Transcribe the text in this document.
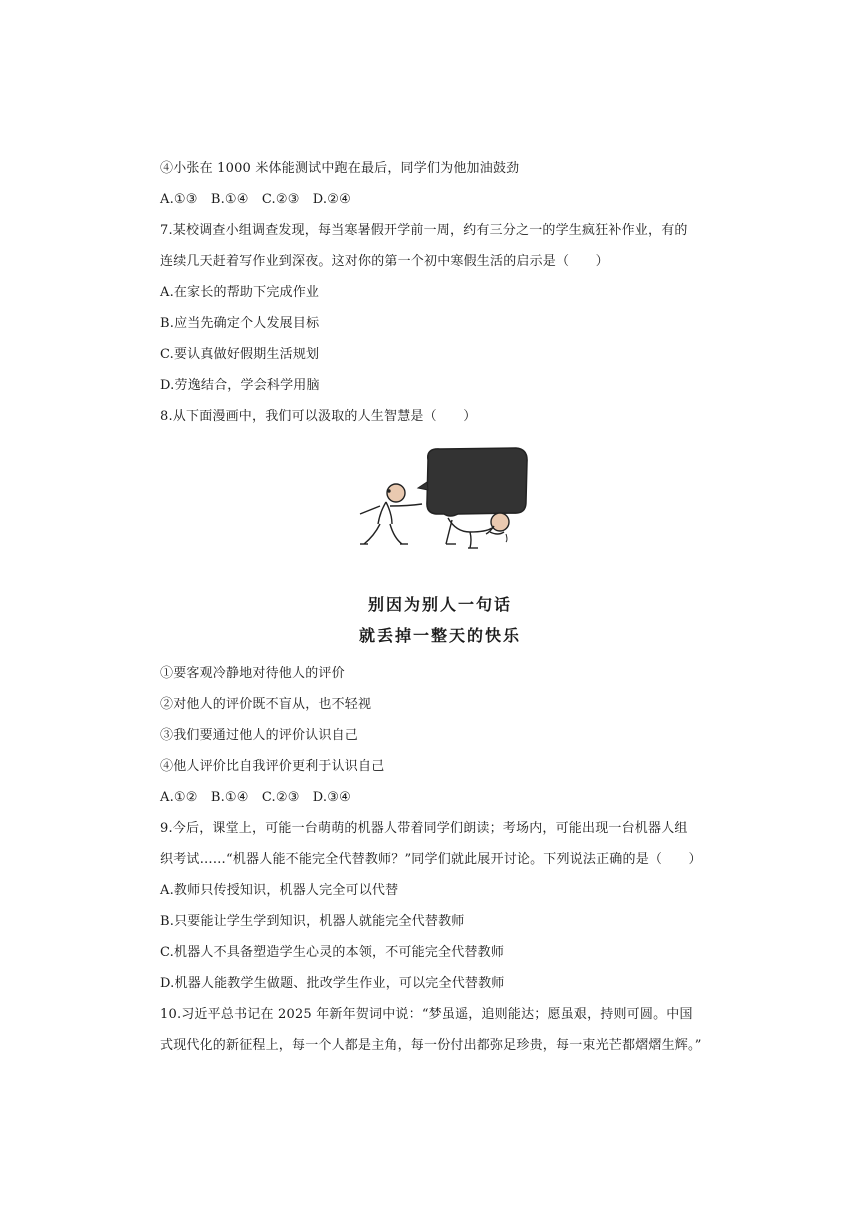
④小张在 1000 米体能测试中跑在最后，同学们为他加油鼓劲
A.①③　B.①④　C.②③　D.②④
7.某校调查小组调查发现，每当寒暑假开学前一周，约有三分之一的学生疯狂补作业，有的
连续几天赶着写作业到深夜。这对你的第一个初中寒假生活的启示是（　　）
A.在家长的帮助下完成作业
B.应当先确定个人发展目标
C.要认真做好假期生活规划
D.劳逸结合，学会科学用脑
8.从下面漫画中，我们可以汲取的人生智慧是（　　）
别因为别人一句话
就丢掉一整天的快乐
①要客观冷静地对待他人的评价
②对他人的评价既不盲从，也不轻视
③我们要通过他人的评价认识自己
④他人评价比自我评价更利于认识自己
A.①②　B.①④　C.②③　D.③④
9.今后，课堂上，可能一台萌萌的机器人带着同学们朗读；考场内，可能出现一台机器人组
织考试……“机器人能不能完全代替教师？”同学们就此展开讨论。下列说法正确的是（　　）
A.教师只传授知识，机器人完全可以代替
B.只要能让学生学到知识，机器人就能完全代替教师
C.机器人不具备塑造学生心灵的本领，不可能完全代替教师
D.机器人能教学生做题、批改学生作业，可以完全代替教师
10.习近平总书记在 2025 年新年贺词中说：“梦虽遥，追则能达；愿虽艰，持则可圆。中国
式现代化的新征程上，每一个人都是主角，每一份付出都弥足珍贵，每一束光芒都熠熠生辉。”
